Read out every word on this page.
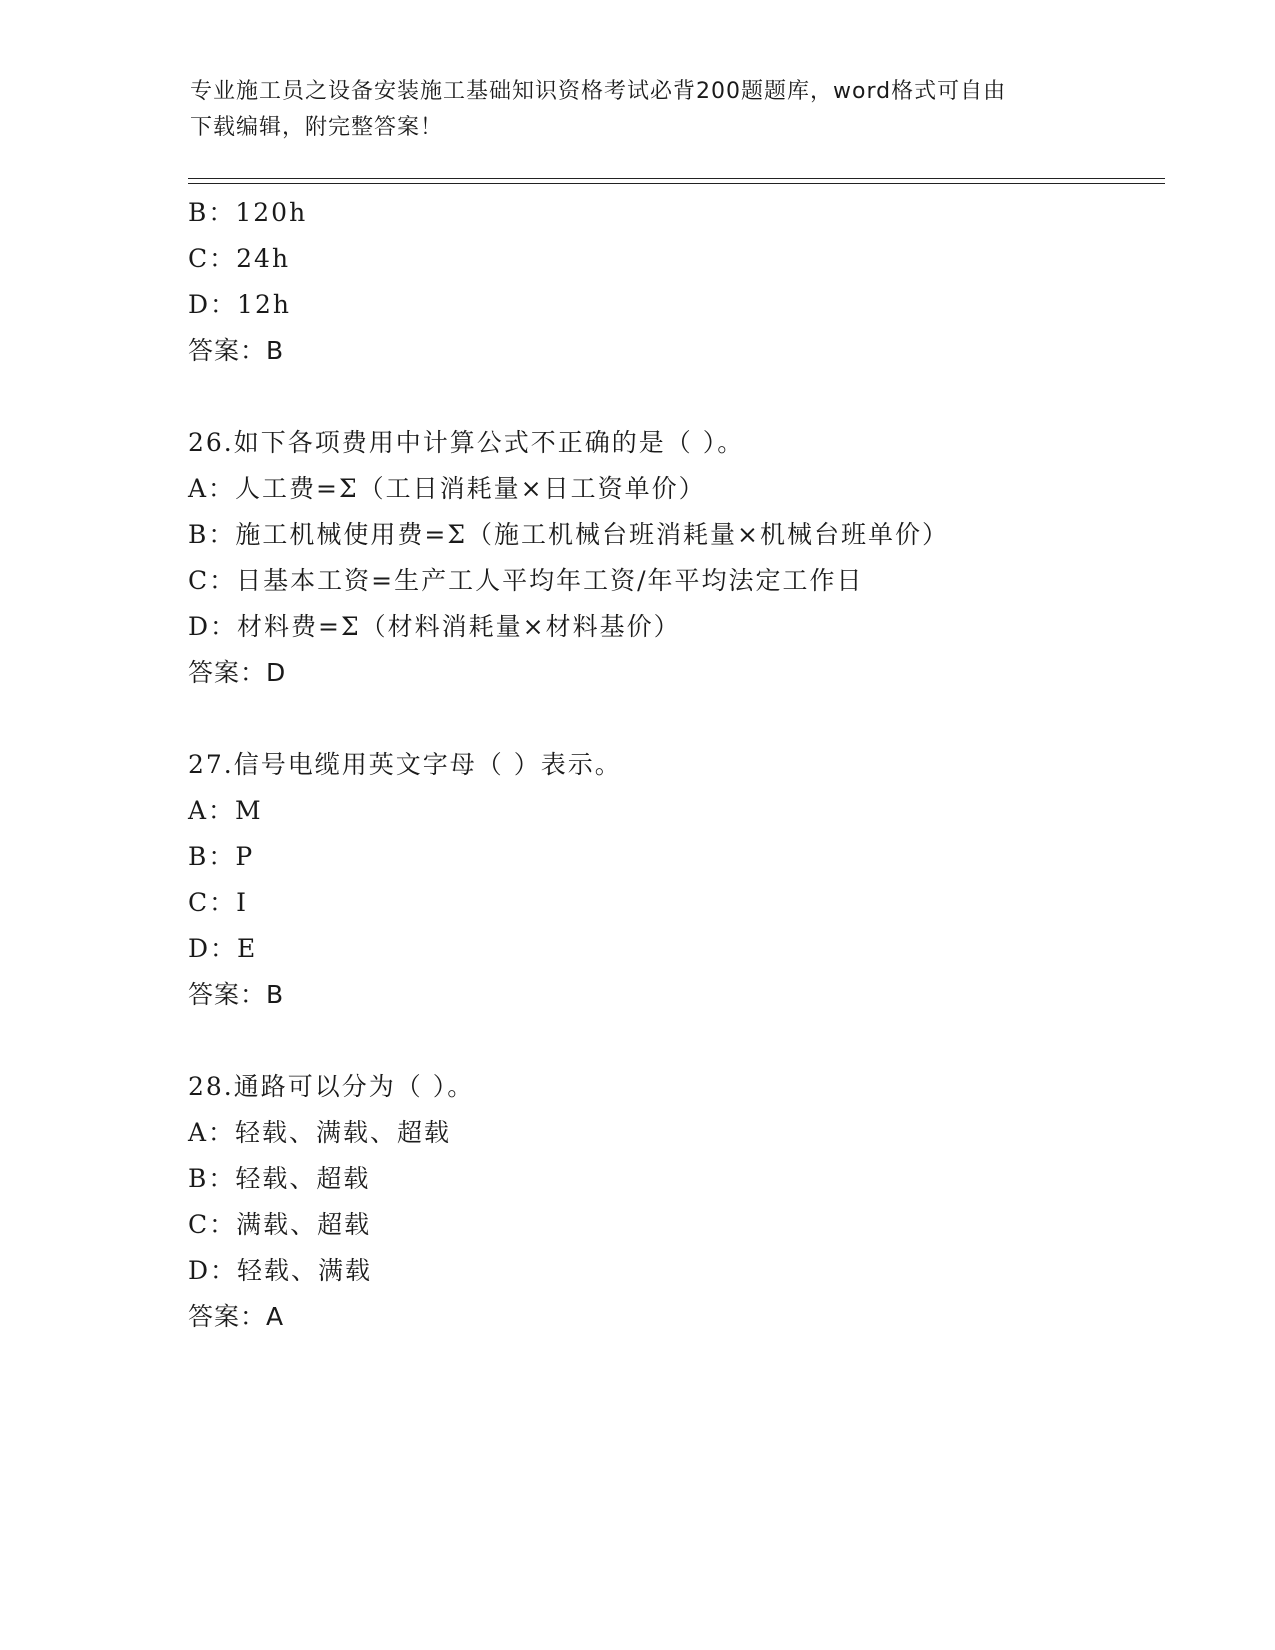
专业施工员之设备安装施工基础知识资格考试必背200题题库，word格式可自由
下载编辑，附完整答案！
B：120h
C：24h
D：12h
答案：B
26.如下各项费用中计算公式不正确的是（ ）。
A：人工费=Σ（工日消耗量×日工资单价）
B：施工机械使用费=Σ（施工机械台班消耗量×机械台班单价）
C：日基本工资=生产工人平均年工资/年平均法定工作日
D：材料费=Σ（材料消耗量×材料基价）
答案：D
27.信号电缆用英文字母（ ）表示。
A：M
B：P
C：I
D：E
答案：B
28.通路可以分为（ ）。
A：轻载、满载、超载
B：轻载、超载
C：满载、超载
D：轻载、满载
答案：A
